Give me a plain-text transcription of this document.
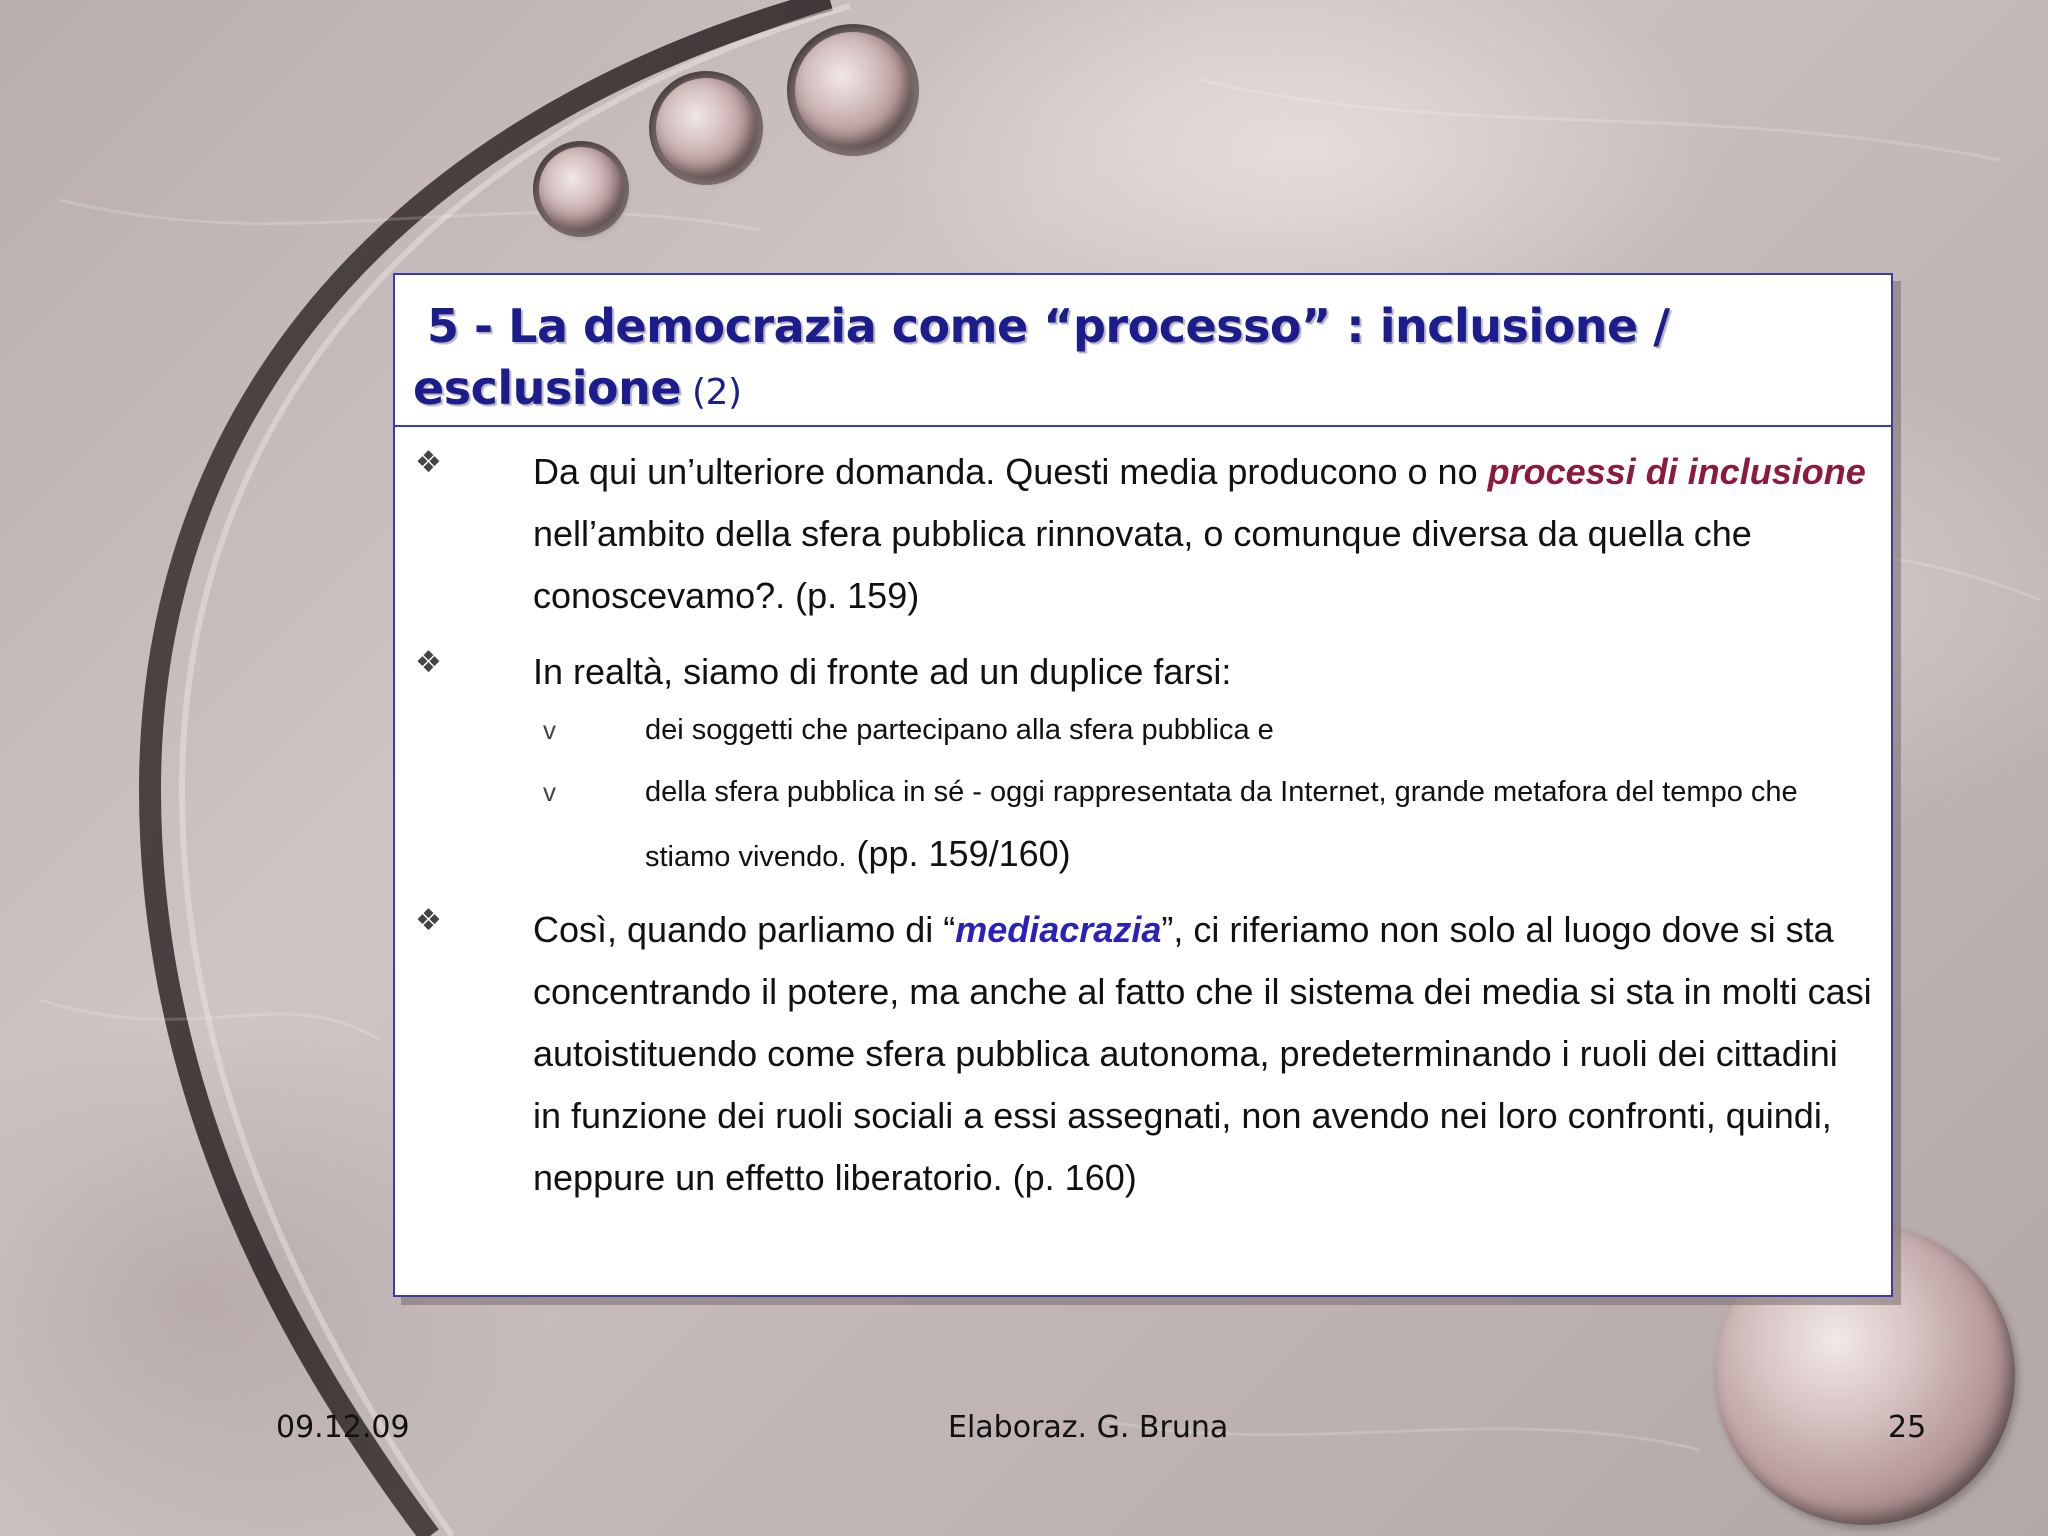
5 - La democrazia come “processo” : inclusione /
esclusione (2)
❖	Da qui un’ulteriore domanda. Questi media producono o no processi di inclusione nell’ambito della sfera pubblica rinnovata, o comunque diversa da quella che conoscevamo?. (p. 159)
❖	In realtà, siamo di fronte ad un duplice farsi:
v	dei soggetti che partecipano alla sfera pubblica e
v	della sfera pubblica in sé - oggi rappresentata da Internet, grande metafora del tempo che stiamo vivendo. (pp. 159/160)
❖	Così, quando parliamo di “mediacrazia”, ci riferiamo non solo al luogo dove si sta concentrando il potere, ma anche al fatto che il sistema dei media si sta in molti casi autoistituendo come sfera pubblica autonoma, predeterminando i ruoli dei cittadini in funzione dei ruoli sociali a essi assegnati, non avendo nei loro confronti, quindi, neppure un effetto liberatorio. (p. 160)
09.12.09	Elaboraz. G. Bruna	25
